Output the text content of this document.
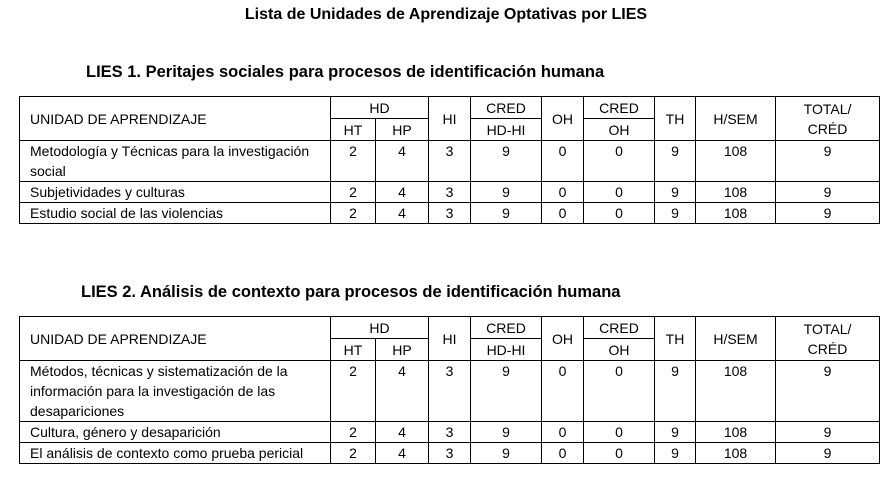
Lista de Unidades de Aprendizaje Optativas por LIES
LIES 1. Peritajes sociales para procesos de identificación humana
UNIDAD DE APRENDIZAJE	HD		HI	CRED	OH	CRED	TH	H/SEM	TOTAL/
CRÉD
	HT	HP		HD-HI		OH			
Metodología y Técnicas para la investigación social	2	4	3	9	0	0	9	108	9
Subjetividades y culturas	2	4	3	9	0	0	9	108	9
Estudio social de las violencias	2	4	3	9	0	0	9	108	9
LIES 2. Análisis de contexto para procesos de identificación humana
UNIDAD DE APRENDIZAJE	HD		HI	CRED	OH	CRED	TH	H/SEM	TOTAL/
CRÉD
	HT	HP		HD-HI		OH			
Métodos, técnicas y sistematización de la información para la investigación de las desapariciones	2	4	3	9	0	0	9	108	9
Cultura, género y desaparición	2	4	3	9	0	0	9	108	9
El análisis de contexto como prueba pericial	2	4	3	9	0	0	9	108	9
